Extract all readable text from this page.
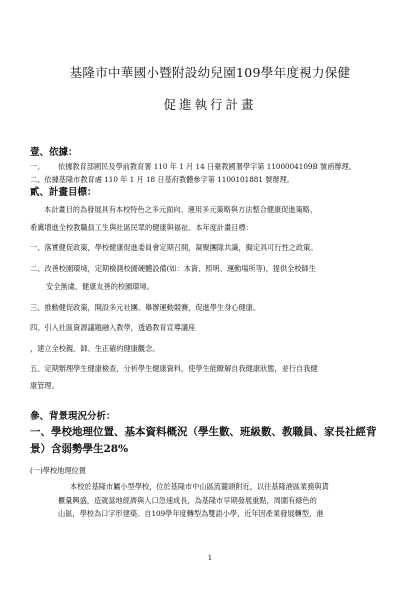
基隆市中華國小暨附設幼兒園109學年度視力保健

促進執行計畫

壹、依據：

一、	依據教育部國民及學前教育署 110 年 1 月 14 日臺教國署學字第 1100004109B 號函辦理。
二、 依據基隆市教育處 110 年 1 月 18 日基府教體參字第 1100101881 號辦理。

貳、計畫目標：

本計畫目的為發展具有本校特色之多元面向、運用多元策略與方法整合健康促進策略，

希冀增進全校教職員工生與社區民眾的健康與福祉。本年度計畫目標：

一、落實健促政策，學校健康促進委員會定期召開，凝聚團隊共識，擬定具可行性之政策。

二、改善校園環境，定期檢測校園硬體設備(如：本資、照明、運動場所等)，提供全校師生

安全無虞、健康友善的校園環境。

三、推動健促政策，開設多元社團、舉辦運動競賽，促進學生身心健康。

四、引入社區資源議題融入教學，透過教育宣導講座

，建立全校親、師、生正確的健康觀念。

五、定期辦理學生健康檢查，分析學生健康資料，使學生能瞭解自我健康狀態，並行自我健

康管理。

參、背景現況分析：

一、學校地理位置、基本資料概況（學生數、班級數、教職員、家長社經背

景）含弱勢學生28%

(一)學校地理位置

本校於基隆市屬小型學校，位於基隆市中山區流籠頭附近，以往基隆港區業務與貨

櫃量興盛，造就當地經濟與人口急速成長，為基隆市早期發展重點，周圍有綠色的

山區，學校為口字形建築。自109學年度轉型為雙語小學，近年因產業發展轉型，港

1
